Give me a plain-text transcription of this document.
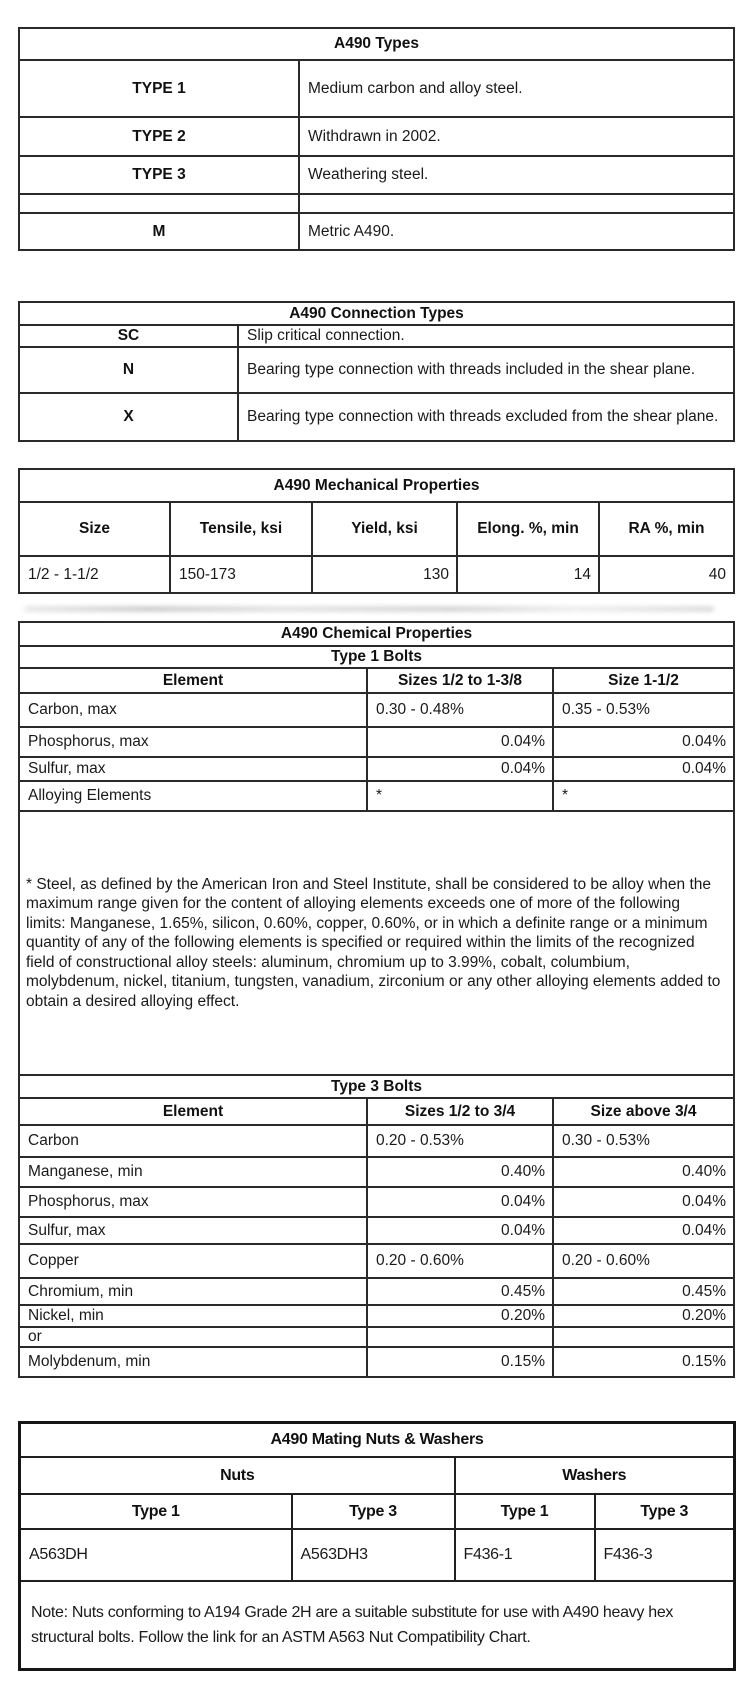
A490 Types	
TYPE 1	Medium carbon and alloy steel.
TYPE 2	Withdrawn in 2002.
TYPE 3	Weathering steel.

M	Metric A490.
A490 Connection Types	
SC	Slip critical connection.
N	Bearing type connection with threads included in the shear plane.
X	Bearing type connection with threads excluded from the shear plane.
A490 Mechanical Properties				
Size	Tensile, ksi	Yield, ksi	Elong. %, min	RA %, min
1/2 - 1-1/2	150-173	130	14	40
A490 Chemical Properties		
Type 1 Bolts		
Element	Sizes 1/2 to 1-3/8	Size 1-1/2
Carbon, max	0.30 - 0.48%	0.35 - 0.53%
Phosphorus, max	0.04%	0.04%
Sulfur, max	0.04%	0.04%
Alloying Elements	*	*
* Steel, as defined by the American Iron and Steel Institute, shall be considered to be alloy when the maximum range given for the content of alloying elements exceeds one of more of the following limits: Manganese, 1.65%, silicon, 0.60%, copper, 0.60%, or in which a definite range or a minimum quantity of any of the following elements is specified or required within the limits of the recognized field of constructional alloy steels: aluminum, chromium up to 3.99%, cobalt, columbium, molybdenum, nickel, titanium, tungsten, vanadium, zirconium or any other alloying elements added to obtain a desired alloying effect.		
Type 3 Bolts		
Element	Sizes 1/2 to 3/4	Size above 3/4
Carbon	0.20 - 0.53%	0.30 - 0.53%
Manganese, min	0.40%	0.40%
Phosphorus, max	0.04%	0.04%
Sulfur, max	0.04%	0.04%
Copper	0.20 - 0.60%	0.20 - 0.60%
Chromium, min	0.45%	0.45%
Nickel, min	0.20%	0.20%
or		
Molybdenum, min	0.15%	0.15%
A490 Mating Nuts & Washers			
Nuts		Washers	
Type 1	Type 3	Type 1	Type 3
A563DH	A563DH3	F436-1	F436-3
Note: Nuts conforming to A194 Grade 2H are a suitable substitute for use with A490 heavy hex structural bolts. Follow the link for an ASTM A563 Nut Compatibility Chart.			
